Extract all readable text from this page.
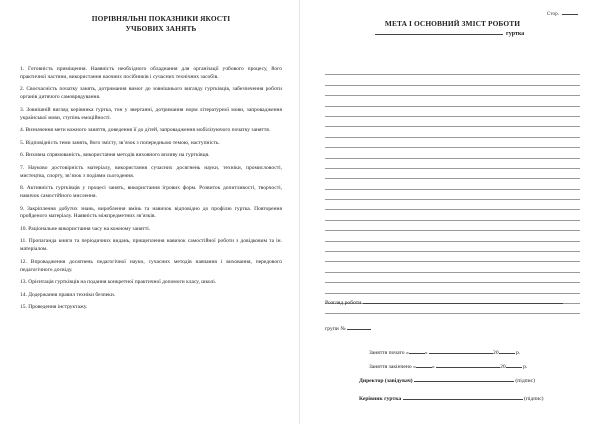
ПОРІВНЯЛЬНІ ПОКАЗНИКИ ЯКОСТІ
УЧБОВИХ ЗАНЯТЬ
1. Готовність приміщення. Наявність необхідного обладнання для організації учбового процесу, його практичної частини, використання наочних посібників і сучасних технічних засобів.
2. Своєчасність початку занять, дотримання вимог до зовнішнього вигляду гуртківців, забезпечення роботи органів дитячого самоврядування.
3. Зовнішній вигляд керівника гуртка, тон у звертанні, дотримання норм літературної мови, запровадження української мови, ступінь емоційності.
4. Визначення мети кожного заняття, доведення її до дітей, запровадження мобілізуючого початку заняття.
5. Відповідність теми занять, його змісту, зв’язок з попередньою темою, наступність.
6. Виховна спрямованість, використання методів виховного впливу на гуртківця.
7. Науково достовірність матеріалу, використання сучасних досягнень науки, техніки, промисловості, мистецтва, спорту, зв’язок з подіями сьогодення.
8. Активність гуртківців у процесі занять, використання ігрових форм. Розвиток допитливості, творчості, навичок самостійного мислення.
9. Закріплення добутих знань, вироблення вмінь та навичок відповідно до профілю гуртка. Повторення пройденого матеріалу. Наявність міжпредметних зв’язків.
10. Раціональне використання часу на кожному занятті.
11. Пропаганда книги та періодичних видань, прищеплення навичок самостійної роботи з довідковим та ін. матеріалом.
12. Впровадження досягнень педагогічної науки, сучасних методів навчання і виховання, передового педагогічного досвіду.
13. Орієнтація гуртківців на подання конкретної практичної допомоги класу, школі.
14. Додержання правил техніки безпеки.
15. Проведення інструктажу.
Стор.
МЕТА І ОСНОВНИЙ ЗМІСТ РОБОТИ
гуртка
Розгляд роботи
групи №
Заняття почато «	»	20	р.
Заняття закінчено «	»	20	р.
Директор (завідувач)	(підпис)
Керівник гуртка	(підпис)
